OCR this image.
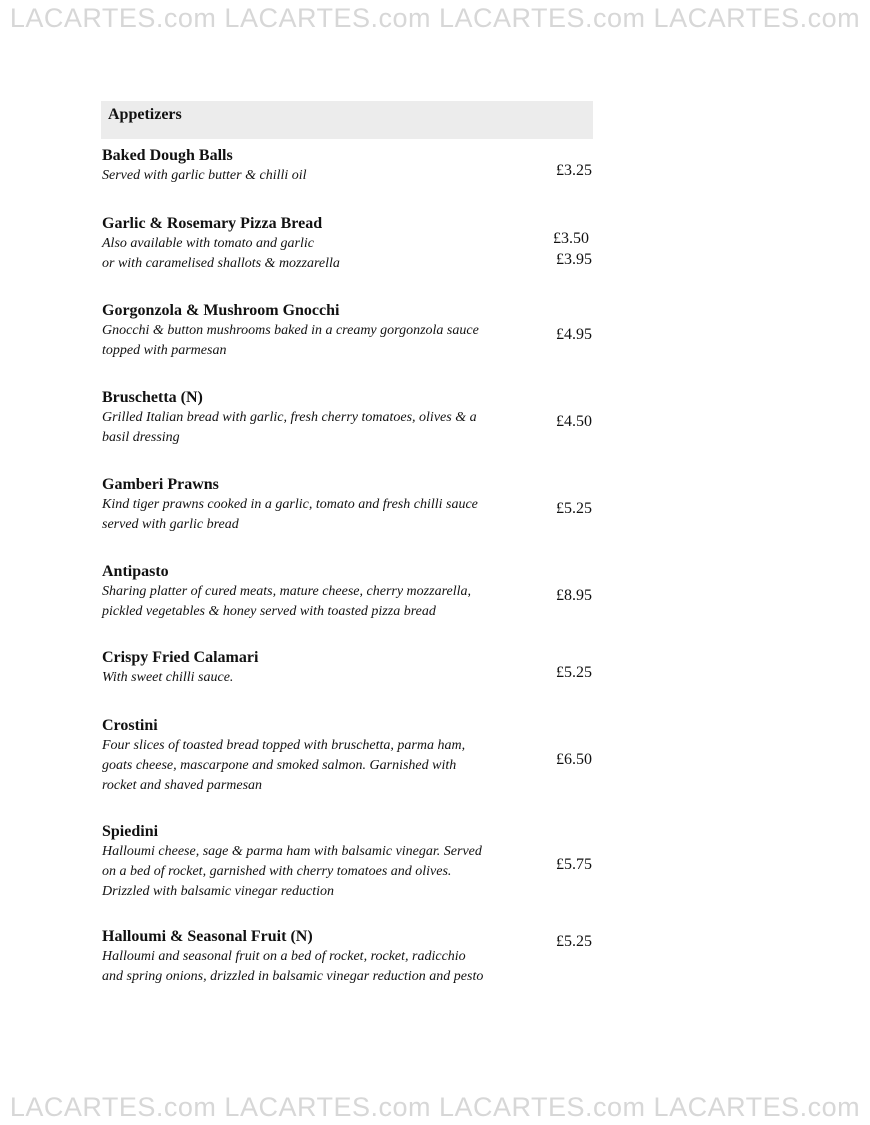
LACARTES.com LACARTES.com LACARTES.com LACARTES.com
Appetizers
Baked Dough Balls
Served with garlic butter & chilli oil	£3.25
Garlic & Rosemary Pizza Bread
Also available with tomato and garlic
or with caramelised shallots & mozzarella
£3.50
£3.95
Gorgonzola & Mushroom Gnocchi
Gnocchi & button mushrooms baked in a creamy gorgonzola sauce
topped with parmesan
£4.95
Bruschetta (N)
Grilled Italian bread with garlic, fresh cherry tomatoes, olives & a
basil dressing
£4.50
Gamberi Prawns
Kind tiger prawns cooked in a garlic, tomato and fresh chilli sauce
served with garlic bread
£5.25
Antipasto
Sharing platter of cured meats, mature cheese, cherry mozzarella,
pickled vegetables & honey served with toasted pizza bread
£8.95
Crispy Fried Calamari
With sweet chilli sauce.	£5.25
Crostini
Four slices of toasted bread topped with bruschetta, parma ham,
goats cheese, mascarpone and smoked salmon. Garnished with
rocket and shaved parmesan
£6.50
Spiedini
Halloumi cheese, sage & parma ham with balsamic vinegar. Served
on a bed of rocket, garnished with cherry tomatoes and olives.
Drizzled with balsamic vinegar reduction
£5.75
Halloumi & Seasonal Fruit (N)
Halloumi and seasonal fruit on a bed of rocket, rocket, radicchio
and spring onions, drizzled in balsamic vinegar reduction and pesto
£5.25
LACARTES.com LACARTES.com LACARTES.com LACARTES.com
